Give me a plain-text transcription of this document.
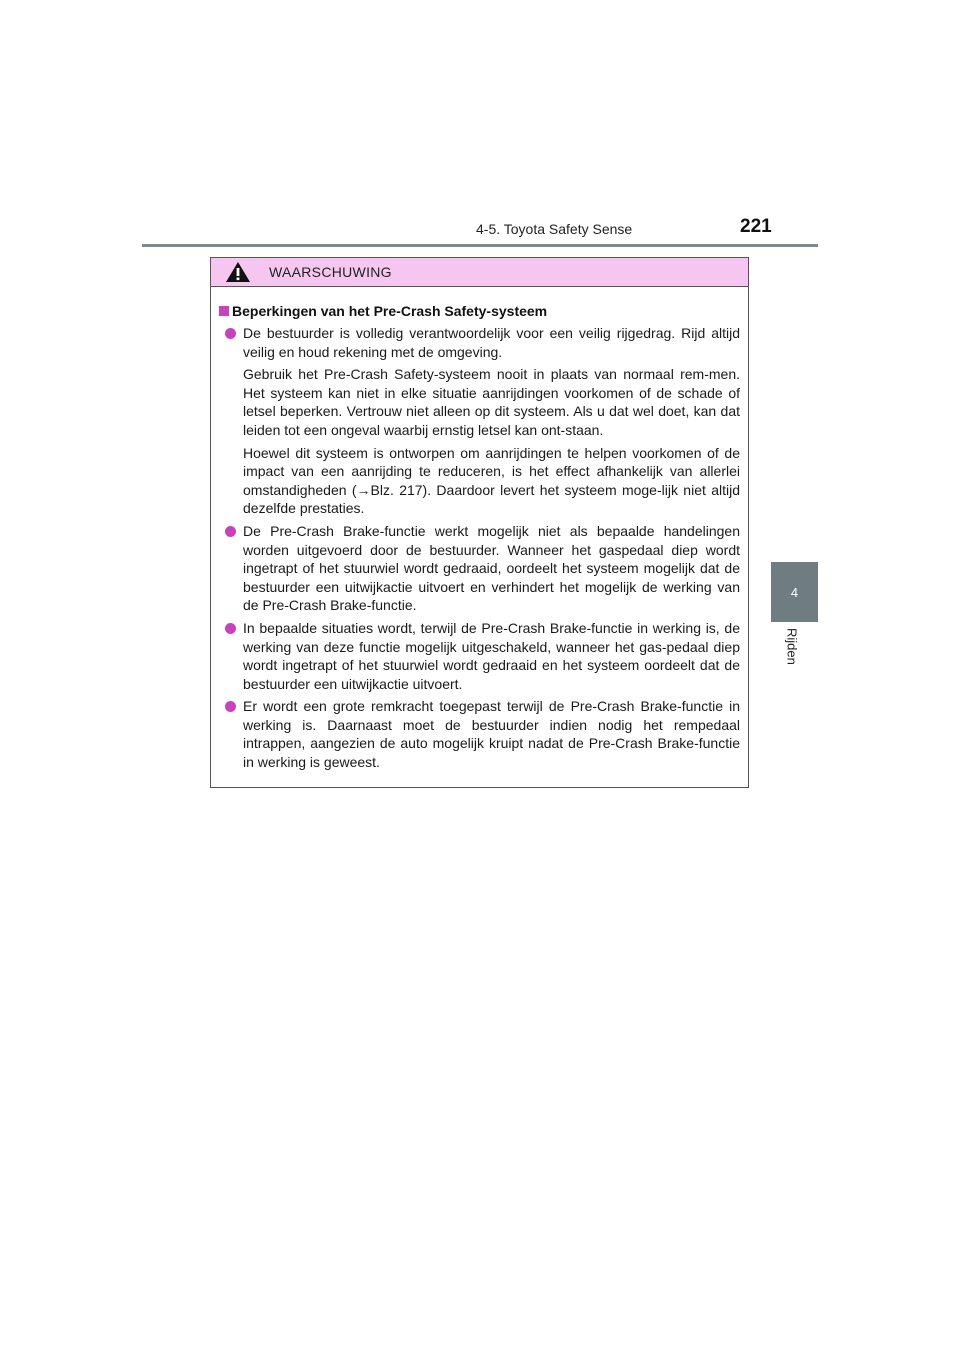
4-5. Toyota Safety Sense	221
4
Rijden
WAARSCHUWING
Beperkingen van het Pre-Crash Safety-systeem

De bestuurder is volledig verantwoordelijk voor een veilig rijgedrag. Rijd altijd veilig en houd rekening met de omgeving.

Gebruik het Pre-Crash Safety-systeem nooit in plaats van normaal rem-men. Het systeem kan niet in elke situatie aanrijdingen voorkomen of de schade of letsel beperken. Vertrouw niet alleen op dit systeem. Als u dat wel doet, kan dat leiden tot een ongeval waarbij ernstig letsel kan ont-staan.

Hoewel dit systeem is ontworpen om aanrijdingen te helpen voorkomen of de impact van een aanrijding te reduceren, is het effect afhankelijk van allerlei omstandigheden (→Blz. 217). Daardoor levert het systeem moge-lijk niet altijd dezelfde prestaties.

De Pre-Crash Brake-functie werkt mogelijk niet als bepaalde handelingen worden uitgevoerd door de bestuurder. Wanneer het gaspedaal diep wordt ingetrapt of het stuurwiel wordt gedraaid, oordeelt het systeem mogelijk dat de bestuurder een uitwijkactie uitvoert en verhindert het mogelijk de werking van de Pre-Crash Brake-functie.

In bepaalde situaties wordt, terwijl de Pre-Crash Brake-functie in werking is, de werking van deze functie mogelijk uitgeschakeld, wanneer het gas-pedaal diep wordt ingetrapt of het stuurwiel wordt gedraaid en het systeem oordeelt dat de bestuurder een uitwijkactie uitvoert.

Er wordt een grote remkracht toegepast terwijl de Pre-Crash Brake-functie in werking is. Daarnaast moet de bestuurder indien nodig het rempedaal intrappen, aangezien de auto mogelijk kruipt nadat de Pre-Crash Brake-functie in werking is geweest.
